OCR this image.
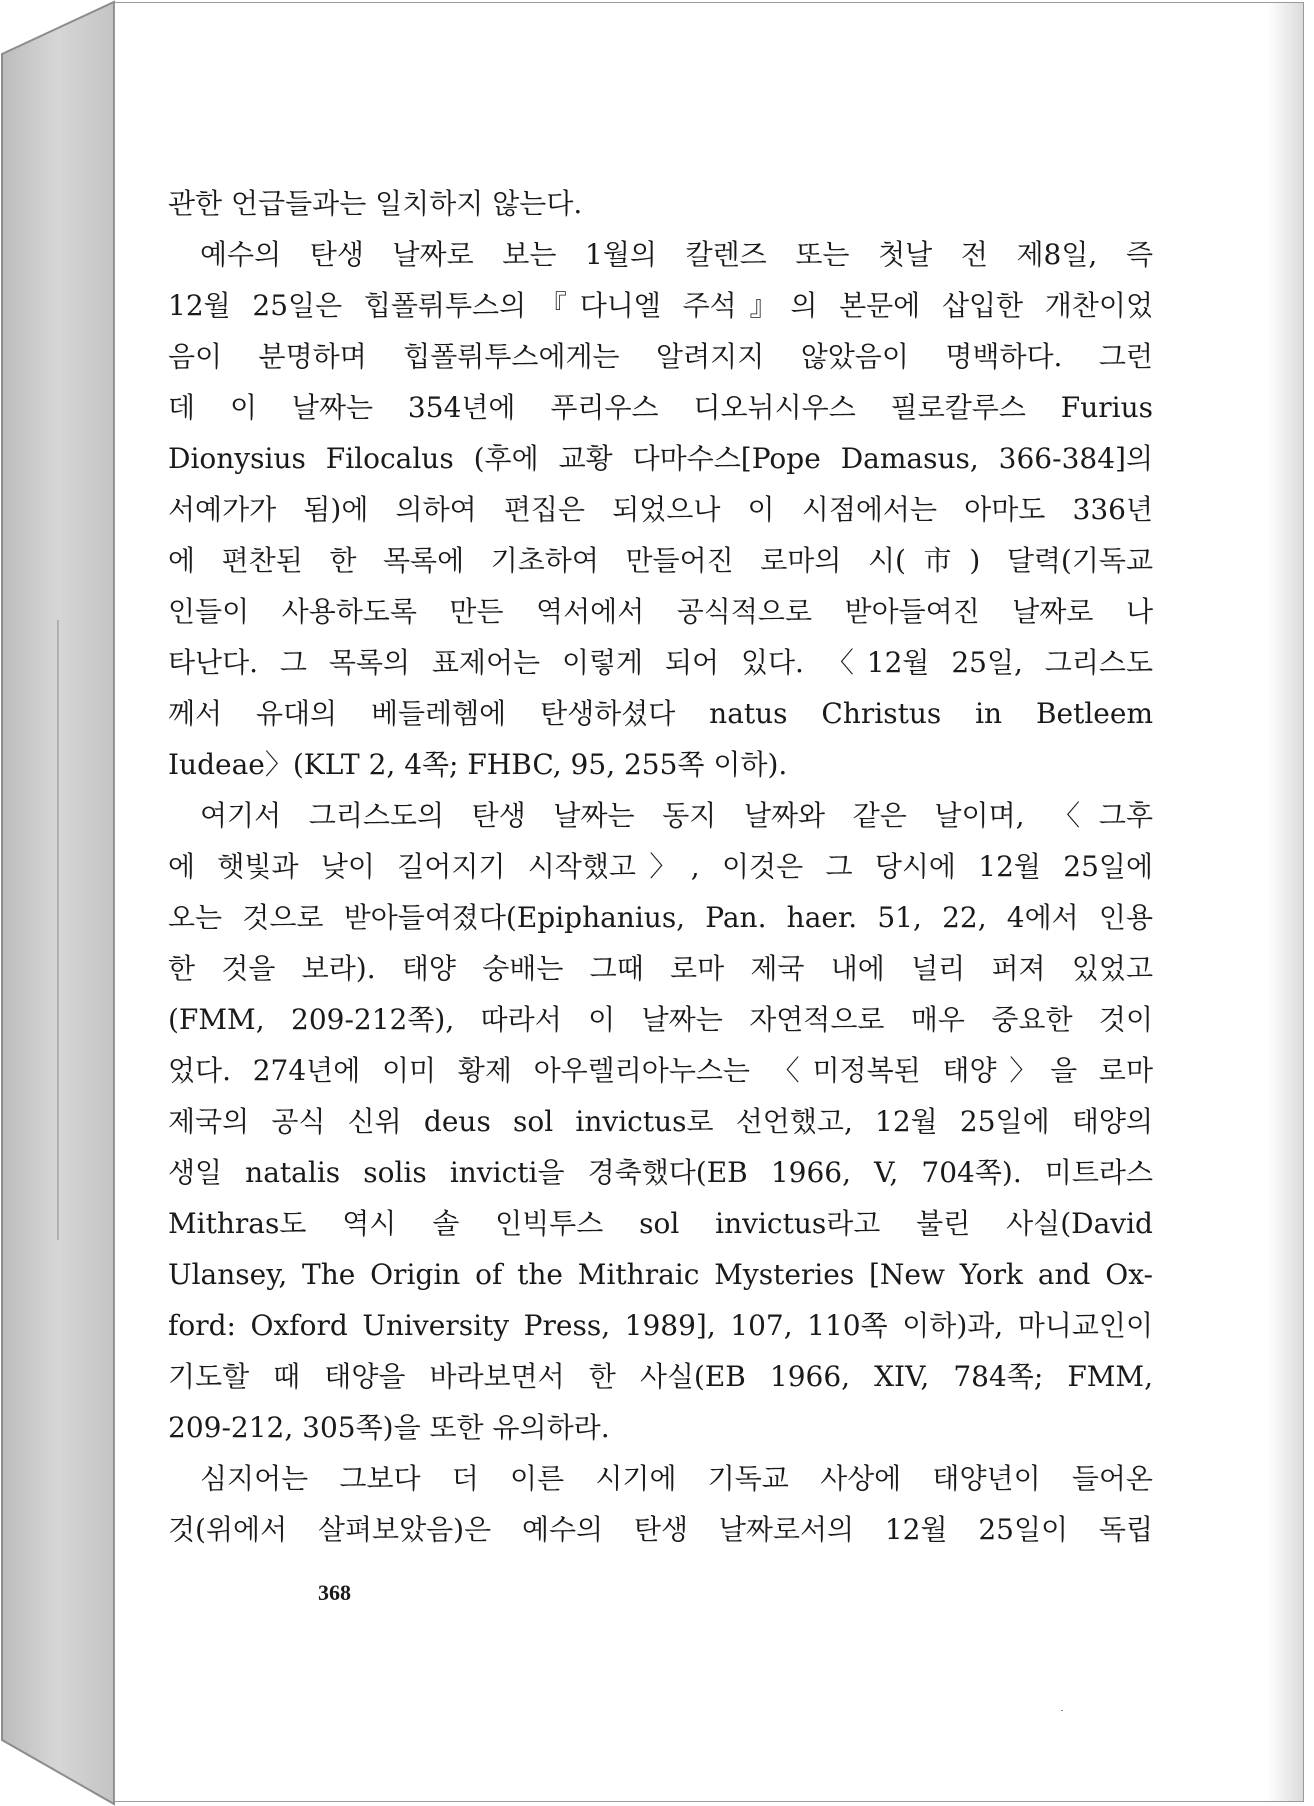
관한 언급들과는 일치하지 않는다.
예수의 탄생 날짜로 보는 1월의 칼렌즈 또는 첫날 전 제8일, 즉
12월 25일은 힙폴뤼투스의『다니엘 주석』의 본문에 삽입한 개찬이었
음이 분명하며 힙폴뤼투스에게는 알려지지 않았음이 명백하다. 그런
데 이 날짜는 354년에 푸리우스 디오뉘시우스 필로칼루스 Furius
Dionysius Filocalus (후에 교황 다마수스[Pope Damasus, 366-384]의
서예가가 됨)에 의하여 편집은 되었으나 이 시점에서는 아마도 336년
에 편찬된 한 목록에 기초하여 만들어진 로마의 시(市) 달력(기독교
인들이 사용하도록 만든 역서에서 공식적으로 받아들여진 날짜로 나
타난다. 그 목록의 표제어는 이렇게 되어 있다. 〈12월 25일, 그리스도
께서 유대의 베들레헴에 탄생하셨다 natus Christus in Betleem
Iudeae〉(KLT 2, 4쪽; FHBC, 95, 255쪽 이하).
여기서 그리스도의 탄생 날짜는 동지 날짜와 같은 날이며, 〈그후
에 햇빛과 낮이 길어지기 시작했고〉, 이것은 그 당시에 12월 25일에
오는 것으로 받아들여졌다(Epiphanius, Pan. haer. 51, 22, 4에서 인용
한 것을 보라). 태양 숭배는 그때 로마 제국 내에 널리 퍼져 있었고
(FMM, 209-212쪽), 따라서 이 날짜는 자연적으로 매우 중요한 것이
었다. 274년에 이미 황제 아우렐리아누스는 〈미정복된 태양〉을 로마
제국의 공식 신위 deus sol invictus로 선언했고, 12월 25일에 태양의
생일 natalis solis invicti을 경축했다(EB 1966, V, 704쪽). 미트라스
Mithras도 역시 솔 인빅투스 sol invictus라고 불린 사실(David
Ulansey, The Origin of the Mithraic Mysteries [New York and Ox-
ford: Oxford University Press, 1989], 107, 110쪽 이하)과, 마니교인이
기도할 때 태양을 바라보면서 한 사실(EB 1966, XIV, 784쪽; FMM,
209-212, 305쪽)을 또한 유의하라.
심지어는 그보다 더 이른 시기에 기독교 사상에 태양년이 들어온
것(위에서 살펴보았음)은 예수의 탄생 날짜로서의 12월 25일이 독립
368
